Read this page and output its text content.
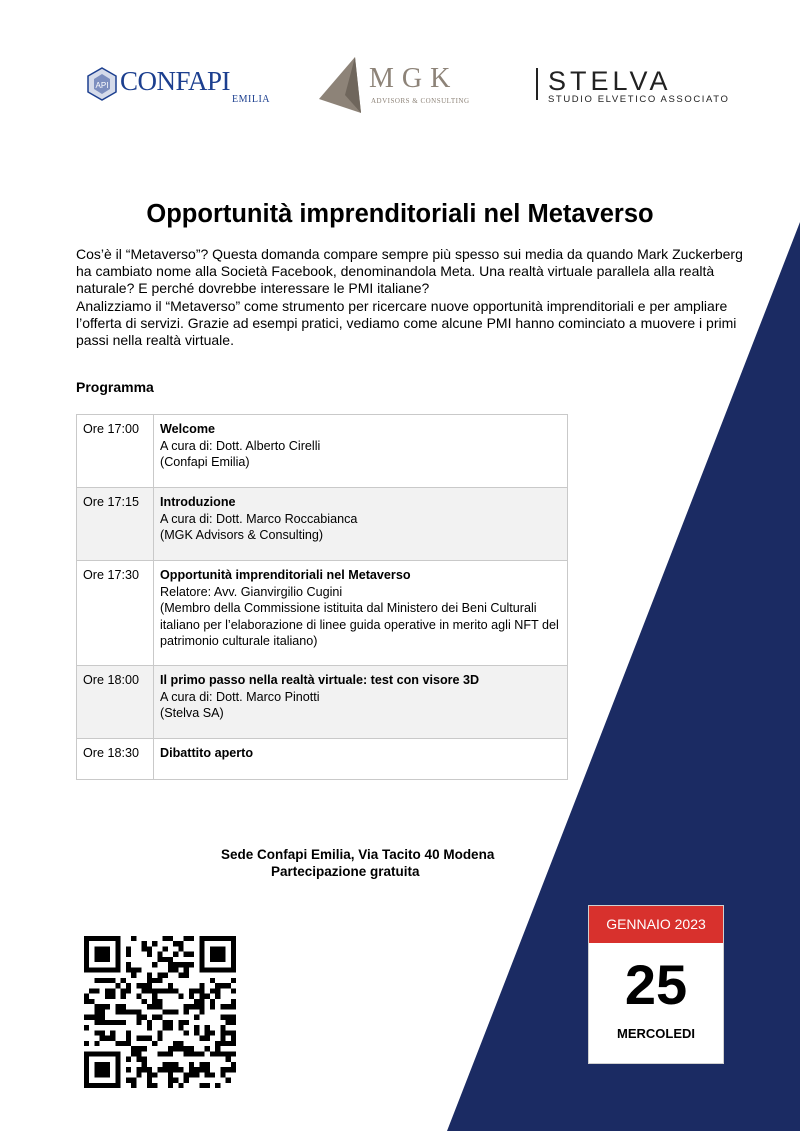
API CONFAPI
EMILIA
MGK
ADVISORS & CONSULTING
STELVA
STUDIO ELVETICO ASSOCIATO
Opportunità imprenditoriali nel Metaverso

Cos’è il “Metaverso”? Questa domanda compare sempre più spesso sui media da quando Mark Zuckerberg ha cambiato nome alla Società Facebook, denominandola Meta. Una realtà virtuale parallela alla realtà naturale? E perché dovrebbe interessare le PMI italiane?

Analizziamo il “Metaverso” come strumento per ricercare nuove opportunità imprenditoriali e per ampliare l’offerta di servizi. Grazie ad esempi pratici, vediamo come alcune PMI hanno cominciato a muovere i primi passi nella realtà virtuale.

Programma
Ore 17:00	Welcome
A cura di: Dott. Alberto Cirelli
(Confapi Emilia)

Ore 17:15	Introduzione
A cura di: Dott. Marco Roccabianca
(MGK Advisors & Consulting)

Ore 17:30	Opportunità imprenditoriali nel Metaverso
Relatore: Avv. Gianvirgilio Cugini
(Membro della Commissione istituita dal Ministero dei Beni Culturali italiano per l’elaborazione di linee guida operative in merito agli NFT del patrimonio culturale italiano)

Ore 18:00	Il primo passo nella realtà virtuale: test con visore 3D
A cura di: Dott. Marco Pinotti
(Stelva SA)

Ore 18:30	Dibattito aperto
Sede Confapi Emilia, Via Tacito 40 Modena
Partecipazione gratuita
GENNAIO 2023
25
MERCOLEDI
